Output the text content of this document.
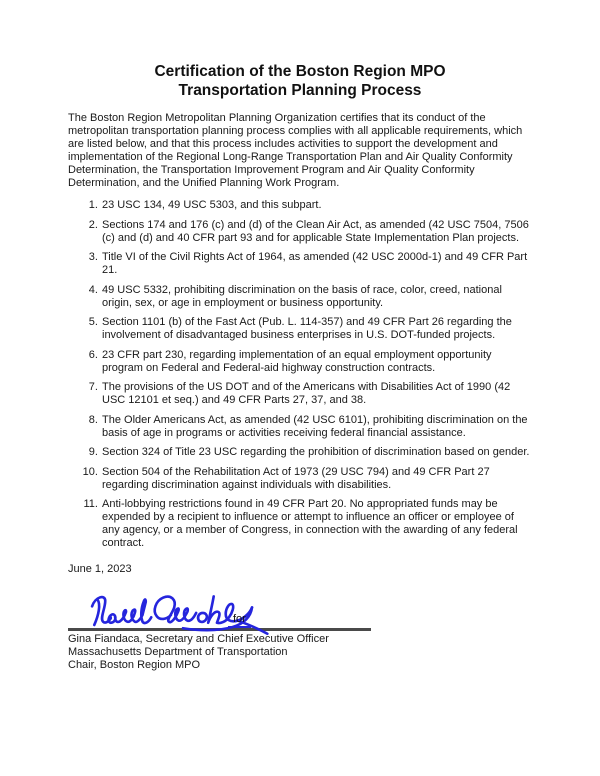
Certification of the Boston Region MPO
Transportation Planning Process

The Boston Region Metropolitan Planning Organization certifies that its conduct of the metropolitan transportation planning process complies with all applicable requirements, which are listed below, and that this process includes activities to support the development and implementation of the Regional Long-Range Transportation Plan and Air Quality Conformity Determination, the Transportation Improvement Program and Air Quality Conformity Determination, and the Unified Planning Work Program.

1. 23 USC 134, 49 USC 5303, and this subpart.
2. Sections 174 and 176 (c) and (d) of the Clean Air Act, as amended (42 USC 7504, 7506 (c) and (d) and 40 CFR part 93 and for applicable State Implementation Plan projects.
3. Title VI of the Civil Rights Act of 1964, as amended (42 USC 2000d-1) and 49 CFR Part 21.
4. 49 USC 5332, prohibiting discrimination on the basis of race, color, creed, national origin, sex, or age in employment or business opportunity.
5. Section 1101 (b) of the Fast Act (Pub. L. 114-357) and 49 CFR Part 26 regarding the involvement of disadvantaged business enterprises in U.S. DOT-funded projects.
6. 23 CFR part 230, regarding implementation of an equal employment opportunity program on Federal and Federal-aid highway construction contracts.
7. The provisions of the US DOT and of the Americans with Disabilities Act of 1990 (42 USC 12101 et seq.) and 49 CFR Parts 27, 37, and 38.
8. The Older Americans Act, as amended (42 USC 6101), prohibiting discrimination on the basis of age in programs or activities receiving federal financial assistance.
9. Section 324 of Title 23 USC regarding the prohibition of discrimination based on gender.
10. Section 504 of the Rehabilitation Act of 1973 (29 USC 794) and 49 CFR Part 27 regarding discrimination against individuals with disabilities.
11. Anti-lobbying restrictions found in 49 CFR Part 20. No appropriated funds may be expended by a recipient to influence or attempt to influence an officer or employee of any agency, or a member of Congress, in connection with the awarding of any federal contract.
June 1, 2023
for
Gina Fiandaca, Secretary and Chief Executive Officer
Massachusetts Department of Transportation
Chair, Boston Region MPO
